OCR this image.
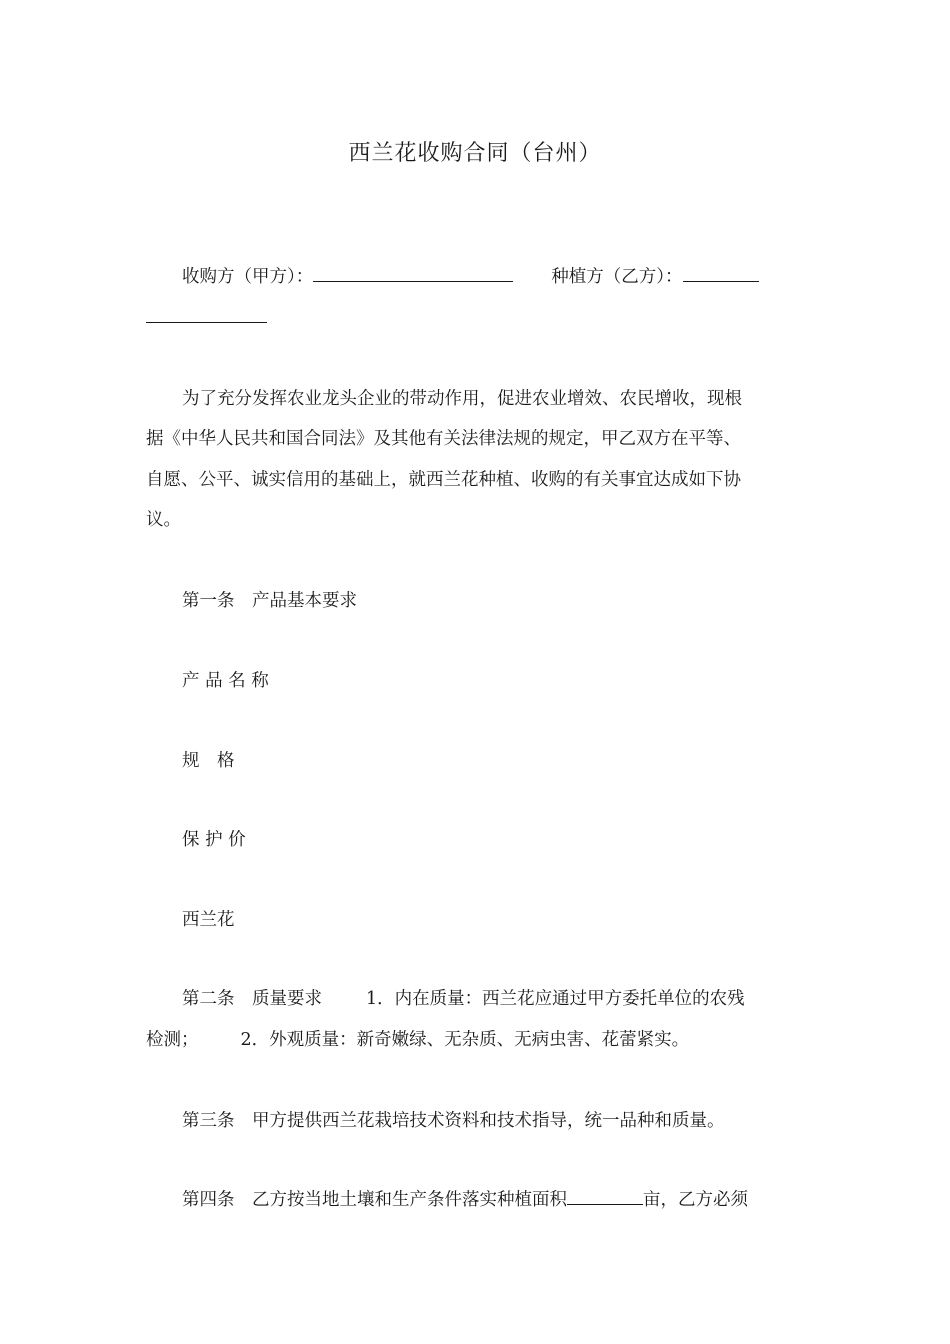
西兰花收购合同（台州）
收购方（甲方）：	种植方（乙方）：
为了充分发挥农业龙头企业的带动作用，促进农业增效、农民增收，现根
据《中华人民共和国合同法》及其他有关法律法规的规定，甲乙双方在平等、
自愿、公平、诚实信用的基础上，就西兰花种植、收购的有关事宜达成如下协
议。
第一条　产品基本要求
产 品 名 称
规　格
保 护 价
西兰花
第二条　质量要求	1．内在质量：西兰花应通过甲方委托单位的农残
检测； 2．外观质量：新奇嫩绿、无杂质、无病虫害、花蕾紧实。
第三条　甲方提供西兰花栽培技术资料和技术指导，统一品种和质量。
第四条　乙方按当地土壤和生产条件落实种植面积	亩，乙方必须
